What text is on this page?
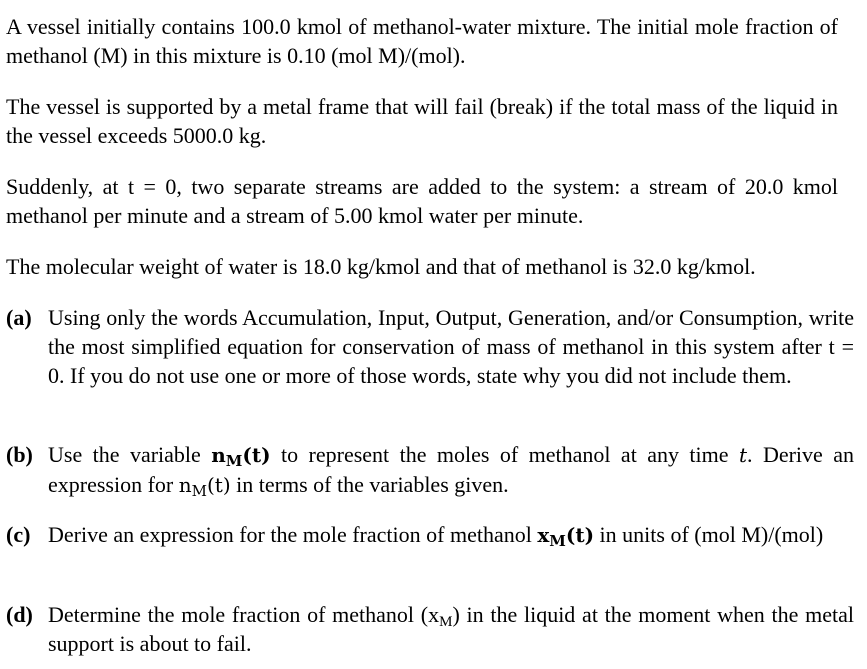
A vessel initially contains 100.0 kmol of methanol-water mixture. The initial mole fraction of methanol (M) in this mixture is 0.10 (mol M)/(mol).

The vessel is supported by a metal frame that will fail (break) if the total mass of the liquid in the vessel exceeds 5000.0 kg.

Suddenly, at t = 0, two separate streams are added to the system: a stream of 20.0 kmol methanol per minute and a stream of 5.00 kmol water per minute.

The molecular weight of water is 18.0 kg/kmol and that of methanol is 32.0 kg/kmol.

(a) Using only the words Accumulation, Input, Output, Generation, and/or Consumption, write the most simplified equation for conservation of mass of methanol in this system after t = 0. If you do not use one or more of those words, state why you did not include them.
(b) Use the variable $n_M(t)$ to represent the moles of methanol at any time t. Derive an expression for $n_M(t)$ in terms of the variables given.
(c) Derive an expression for the mole fraction of methanol $x_M(t)$ in units of (mol M)/(mol)
(d) Determine the mole fraction of methanol $(x_M)$ in the liquid at the moment when the metal support is about to fail.
